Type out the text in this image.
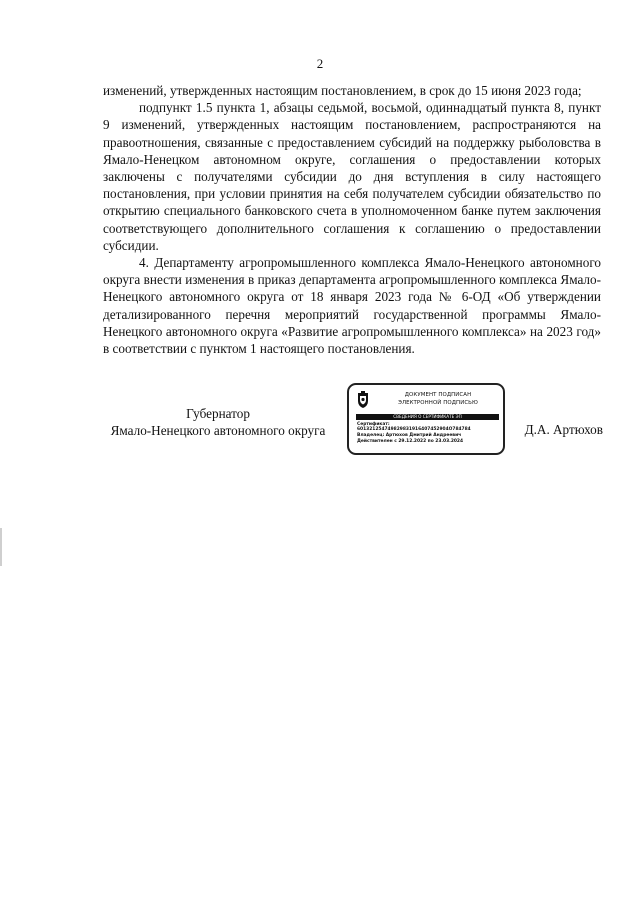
2

изменений, утвержденных настоящим постановлением, в срок до 15 июня 2023 года;

подпункт 1.5 пункта 1, абзацы седьмой, восьмой, одиннадцатый пункта 8, пункт 9 изменений, утвержденных настоящим постановлением, распространяются на правоотношения, связанные с предоставлением субсидий на поддержку рыболовства в Ямало-Ненецком автономном округе, соглашения о предоставлении которых заключены с получателями субсидии до дня вступления в силу настоящего постановления, при условии принятия на себя получателем субсидии обязательство по открытию специального банковского счета в уполномоченном банке путем заключения соответствующего дополнительного соглашения к соглашению о предоставлении субсидии.

4. Департаменту агропромышленного комплекса Ямало-Ненецкого автономного округа внести изменения в приказ департамента агропромышленного комплекса Ямало-Ненецкого автономного округа от 18 января 2023 года № 6-ОД «Об утверждении детализированного перечня мероприятий государственной программы Ямало-Ненецкого автономного округа «Развитие агропромышленного комплекса» на 2023 год» в соответствии с пунктом 1 настоящего постановления.

Губернатор
Ямало-Ненецкого автономного округа
ДОКУМЕНТ ПОДПИСАН
ЭЛЕКТРОННОЙ ПОДПИСЬЮ
СВЕДЕНИЯ О СЕРТИФИКАТЕ ЭП
Сертификат:
601321254749829831916407452904O784784
Владелец: Артюхов Дмитрий Андреевич
Действителен с 29.12.2022 по 23.03.2024
Д.А. Артюхов
